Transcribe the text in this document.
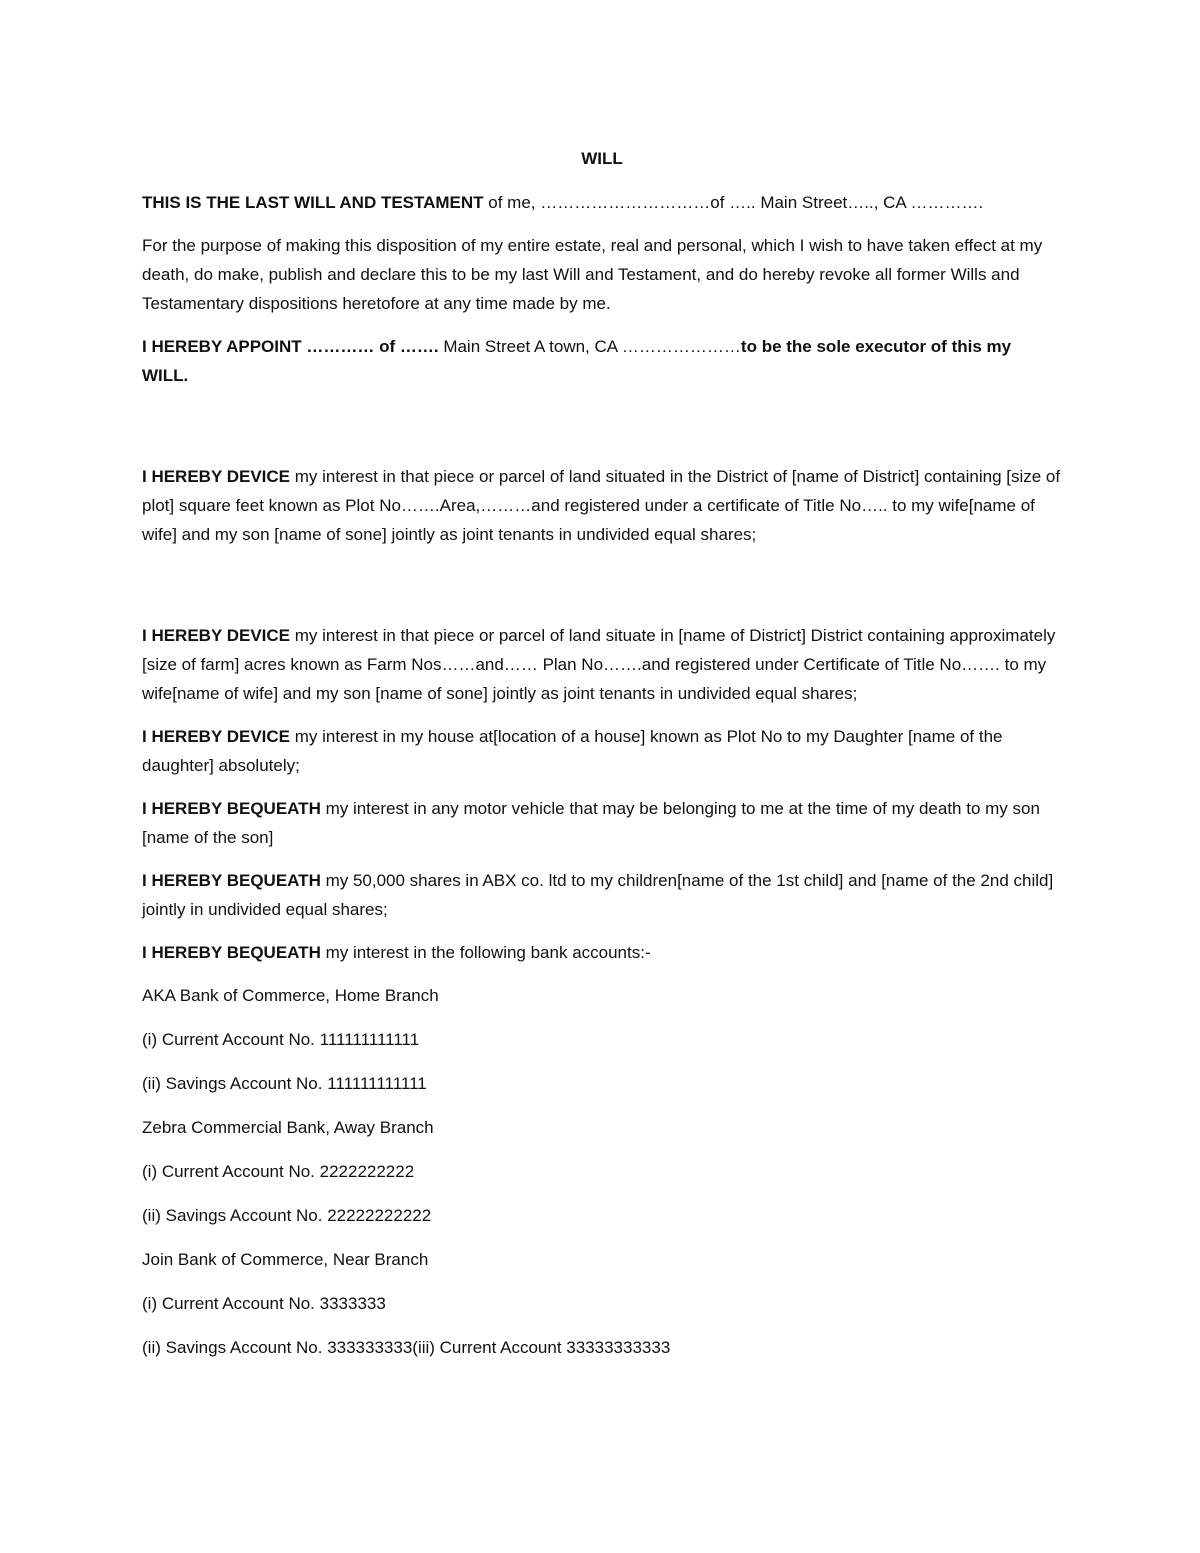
WILL

THIS IS THE LAST WILL AND TESTAMENT of me, …………………………of ….. Main Street….., CA ………….

For the purpose of making this disposition of my entire estate, real and personal, which I wish to have taken effect at my death, do make, publish and declare this to be my last Will and Testament, and do hereby revoke all former Wills and Testamentary dispositions heretofore at any time made by me.

I HEREBY APPOINT ………… of ……. Main Street A town, CA …………………to be the sole executor of this my WILL.

I HEREBY DEVICE my interest in that piece or parcel of land situated in the District of [name of District] containing [size of plot] square feet known as Plot No…….Area,………and registered under a certificate of Title No….. to my wife[name of wife] and my son [name of sone] jointly as joint tenants in undivided equal shares;

I HEREBY DEVICE my interest in that piece or parcel of land situate in [name of District] District containing approximately [size of farm] acres known as Farm Nos……and…… Plan No…….and registered under Certificate of Title No……. to my wife[name of wife] and my son [name of sone] jointly as joint tenants in undivided equal shares;

I HEREBY DEVICE my interest in my house at[location of a house] known as Plot No to my Daughter [name of the daughter] absolutely;

I HEREBY BEQUEATH my interest in any motor vehicle that may be belonging to me at the time of my death to my son [name of the son]

I HEREBY BEQUEATH my 50,000 shares in ABX co. ltd to my children[name of the 1st child] and [name of the 2nd child] jointly in undivided equal shares;

I HEREBY BEQUEATH my interest in the following bank accounts:-

AKA Bank of Commerce, Home Branch
(i) Current Account No. 111111111111
(ii) Savings Account No. 111111111111
Zebra Commercial Bank, Away Branch
(i) Current Account No. 2222222222
(ii) Savings Account No. 22222222222
Join Bank of Commerce, Near Branch
(i) Current Account No. 3333333
(ii) Savings Account No. 333333333(iii) Current Account 33333333333
